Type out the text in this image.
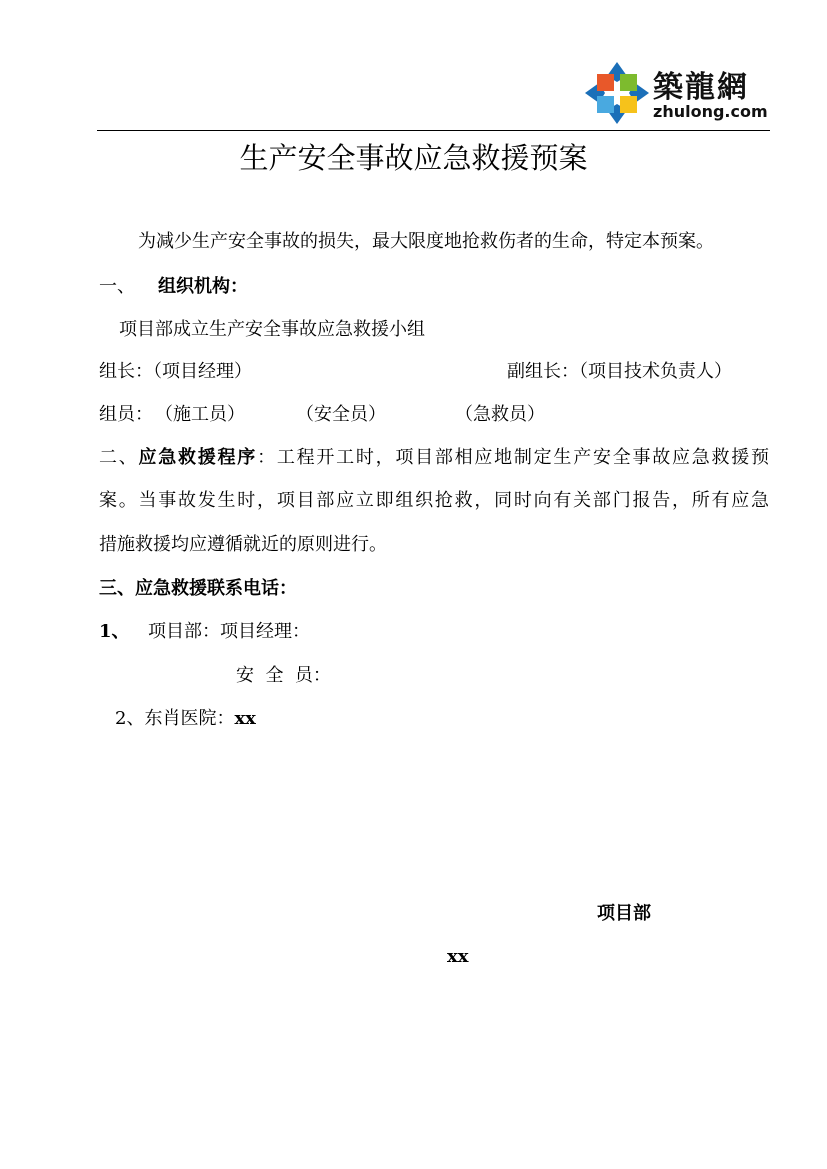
築龍網
zhulong.com
生产安全事故应急救援预案
为减少生产安全事故的损失，最大限度地抢救伤者的生命，特定本预案。
一、 组织机构：
项目部成立生产安全事故应急救援小组
组长：（项目经理）	副组长：（项目技术负责人）
组员： （施工员）	（安全员）	（急救员）
二、应急救援程序：工程开工时，项目部相应地制定生产安全事故应急救援预
案。当事故发生时，项目部应立即组织抢救，同时向有关部门报告，所有应急
措施救援均应遵循就近的原则进行。
三、应急救援联系电话：
1、 项目部：项目经理：
安  全  员：
2、东肖医院：xx
项目部
xx
